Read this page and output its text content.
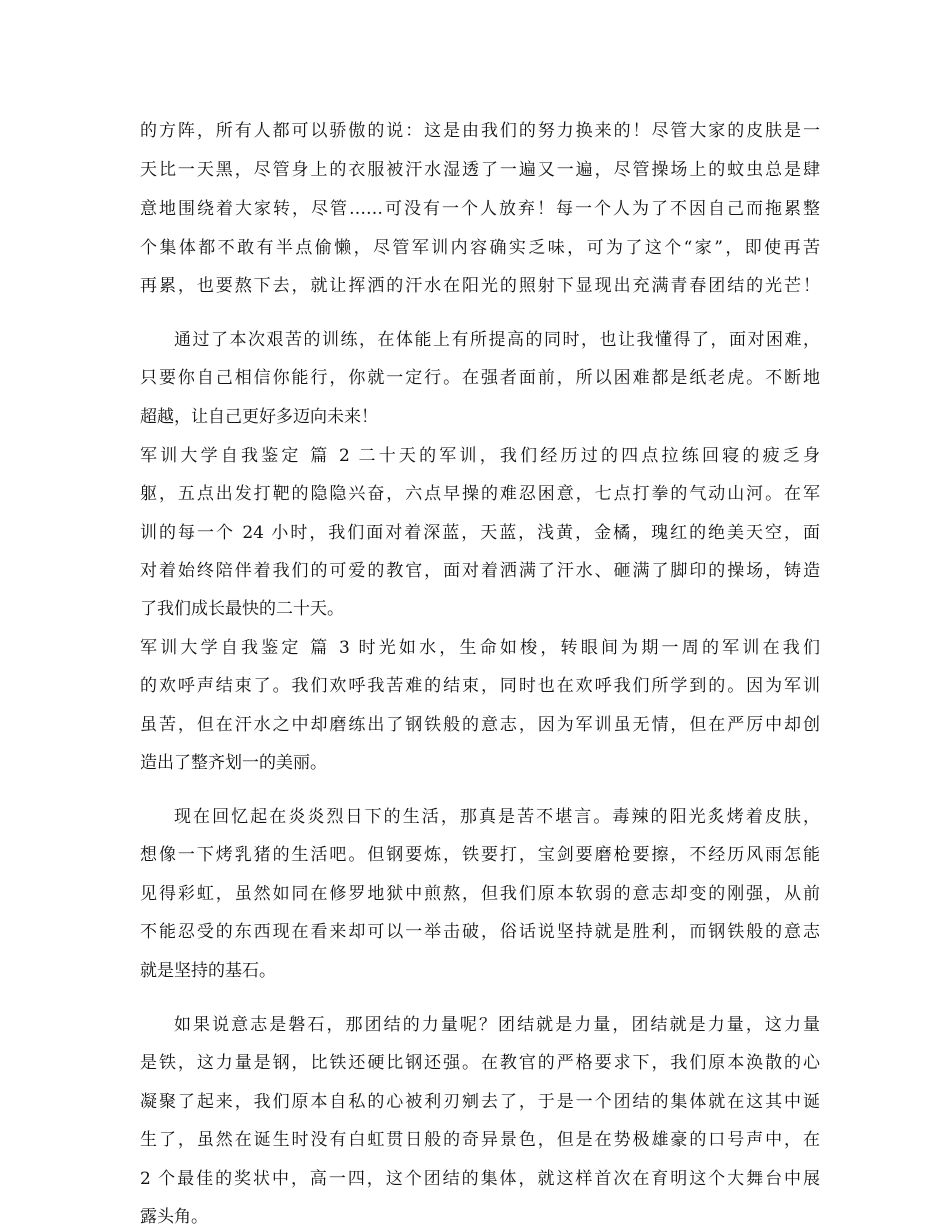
的方阵，所有人都可以骄傲的说：这是由我们的努力换来的！尽管大家的皮肤是一
天比一天黑，尽管身上的衣服被汗水湿透了一遍又一遍，尽管操场上的蚊虫总是肆
意地围绕着大家转，尽管……可没有一个人放弃！每一个人为了不因自己而拖累整
个集体都不敢有半点偷懒，尽管军训内容确实乏味，可为了这个“家”，即使再苦
再累，也要熬下去，就让挥洒的汗水在阳光的照射下显现出充满青春团结的光芒！
通过了本次艰苦的训练，在体能上有所提高的同时，也让我懂得了，面对困难，
只要你自己相信你能行，你就一定行。在强者面前，所以困难都是纸老虎。不断地
超越，让自己更好多迈向未来！
军训大学自我鉴定 篇 2 二十天的军训，我们经历过的四点拉练回寝的疲乏身
躯，五点出发打靶的隐隐兴奋，六点早操的难忍困意，七点打拳的气动山河。在军
训的每一个 24 小时，我们面对着深蓝，天蓝，浅黄，金橘，瑰红的绝美天空，面
对着始终陪伴着我们的可爱的教官，面对着洒满了汗水、砸满了脚印的操场，铸造
了我们成长最快的二十天。
军训大学自我鉴定 篇 3 时光如水，生命如梭，转眼间为期一周的军训在我们
的欢呼声结束了。我们欢呼我苦难的结束，同时也在欢呼我们所学到的。因为军训
虽苦，但在汗水之中却磨练出了钢铁般的意志，因为军训虽无情，但在严厉中却创
造出了整齐划一的美丽。
现在回忆起在炎炎烈日下的生活，那真是苦不堪言。毒辣的阳光炙烤着皮肤，
想像一下烤乳猪的生活吧。但钢要炼，铁要打，宝剑要磨枪要擦，不经历风雨怎能
见得彩虹，虽然如同在修罗地狱中煎熬，但我们原本软弱的意志却变的刚强，从前
不能忍受的东西现在看来却可以一举击破，俗话说坚持就是胜利，而钢铁般的意志
就是坚持的基石。
如果说意志是磐石，那团结的力量呢？团结就是力量，团结就是力量，这力量
是铁，这力量是钢，比铁还硬比钢还强。在教官的严格要求下，我们原本涣散的心
凝聚了起来，我们原本自私的心被利刃剜去了，于是一个团结的集体就在这其中诞
生了，虽然在诞生时没有白虹贯日般的奇异景色，但是在势极雄豪的口号声中，在
2 个最佳的奖状中，高一四，这个团结的集体，就这样首次在育明这个大舞台中展
露头角。
